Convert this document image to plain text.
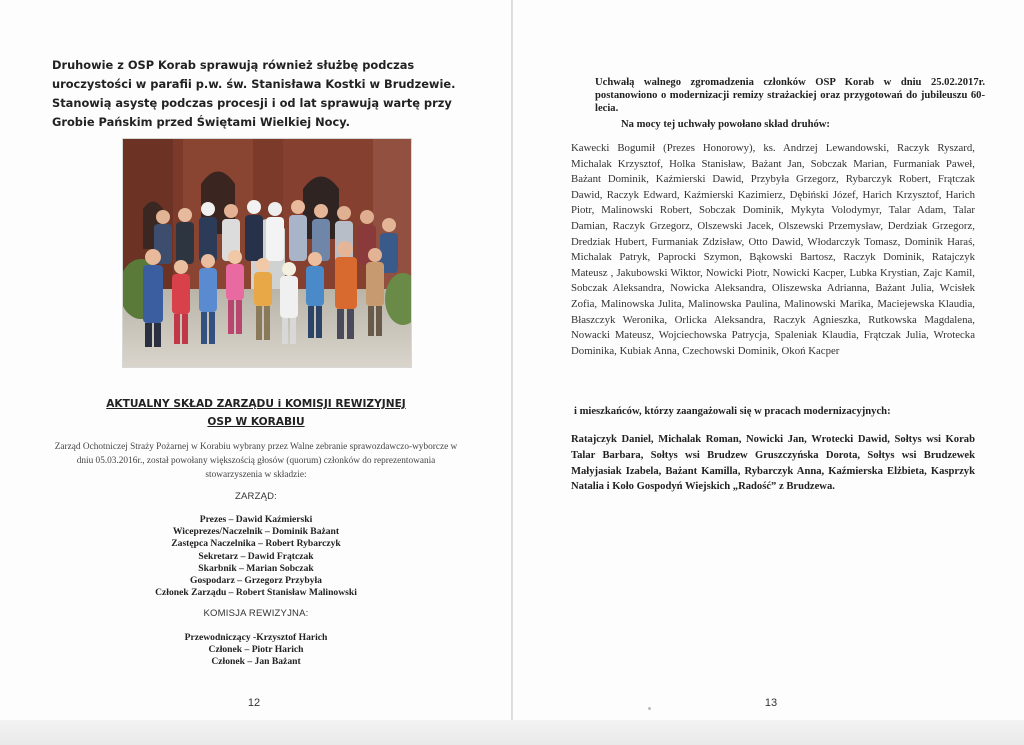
Druhowie z OSP Korab sprawują również służbę podczas uroczystości w parafii p.w. św. Stanisława Kostki w Brudzewie. Stanowią asystę podczas procesji i od lat sprawują wartę przy Grobie Pańskim przed Świętami Wielkiej Nocy.

AKTUALNY SKŁAD ZARZĄDU i KOMISJI REWIZYJNEJ

OSP W KORABIU

Zarząd Ochotniczej Straży Pożarnej w Korabiu wybrany przez Walne zebranie sprawozdawczo-wyborcze w dniu 05.03.2016r., został powołany większością głosów (quorum) członków do reprezentowania stowarzyszenia w składzie:

ZARZĄD:

Prezes – Dawid Kaźmierski
Wiceprezes/Naczelnik – Dominik Bażant
Zastępca Naczelnika – Robert Rybarczyk
Sekretarz – Dawid Frątczak
Skarbnik – Marian Sobczak
Gospodarz – Grzegorz Przybyła
Członek Zarządu – Robert Stanisław Malinowski

KOMISJA REWIZYJNA:

Przewodniczący -Krzysztof Harich
Członek – Piotr Harich
Członek – Jan Bażant
12

Uchwałą walnego zgromadzenia członków OSP Korab w dniu 25.02.2017r. postanowiono o modernizacji remizy strażackiej oraz przygotowań do jubileuszu 60- lecia.

Na mocy tej uchwały powołano skład druhów:

Kawecki Bogumił (Prezes Honorowy), ks. Andrzej Lewandowski, Raczyk Ryszard, Michalak Krzysztof, Holka Stanisław, Bażant Jan, Sobczak Marian, Furmaniak Paweł, Bażant Dominik, Kaźmierski Dawid, Przybyła Grzegorz, Rybarczyk Robert, Frątczak Dawid, Raczyk Edward, Kaźmierski Kazimierz, Dębiński Józef, Harich Krzysztof, Harich Piotr, Malinowski Robert, Sobczak Dominik, Mykyta Volodymyr, Talar Adam, Talar Damian, Raczyk Grzegorz, Olszewski Jacek, Olszewski Przemysław, Derdziak Grzegorz, Dredziak Hubert, Furmaniak Zdzisław, Otto Dawid, Włodarczyk Tomasz, Dominik Haraś, Michalak Patryk, Paprocki Szymon, Bąkowski Bartosz, Raczyk Dominik, Ratajczyk Mateusz , Jakubowski Wiktor, Nowicki Piotr, Nowicki Kacper, Lubka Krystian, Zajc Kamil, Sobczak Aleksandra, Nowicka Aleksandra, Oliszewska Adrianna, Bażant Julia, Wcisłek Zofia, Malinowska Julita, Malinowska Paulina, Malinowski Marika, Maciejewska Klaudia, Błaszczyk Weronika, Orlicka Aleksandra, Raczyk Agnieszka, Rutkowska Magdalena, Nowacki Mateusz, Wojciechowska Patrycja, Spaleniak Klaudia, Frątczak Julia, Wrotecka Dominika, Kubiak Anna, Czechowski Dominik, Okoń Kacper

i mieszkańców, którzy zaangażowali się w pracach modernizacyjnych:

Ratajczyk Daniel, Michalak Roman, Nowicki Jan, Wrotecki Dawid, Sołtys wsi Korab Talar Barbara, Sołtys wsi Brudzew Gruszczyńska Dorota, Sołtys wsi Brudzewek Małyjasiak Izabela, Bażant Kamilla, Rybarczyk Anna, Kaźmierska Elżbieta, Kasprzyk Natalia i Koło Gospodyń Wiejskich „Radość” z Brudzewa.

13
